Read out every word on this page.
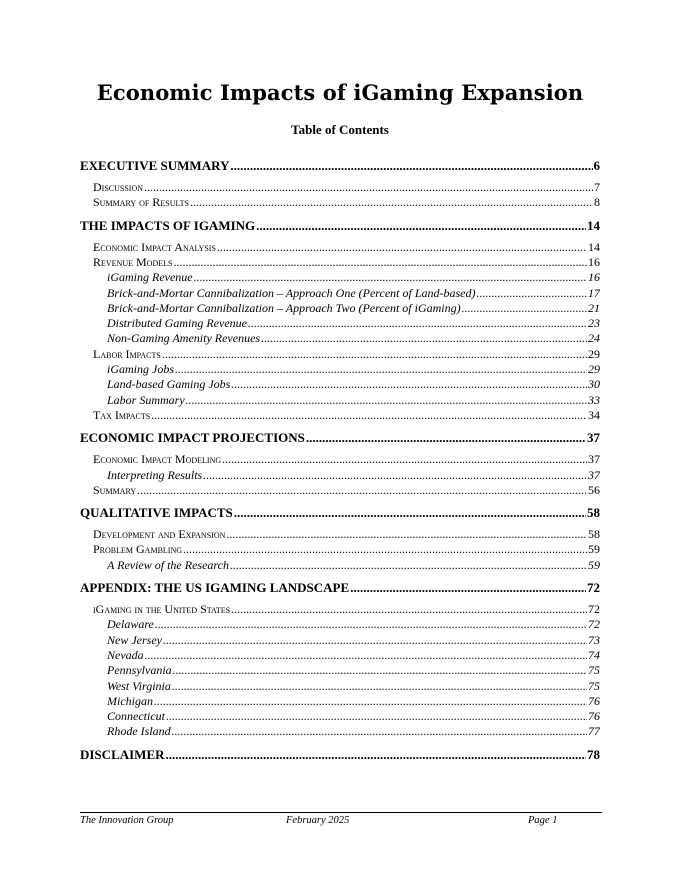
Economic Impacts of iGaming Expansion
Table of Contents
EXECUTIVE SUMMARY .....	6
Discussion .....	7
Summary of Results .....	8
THE IMPACTS OF IGAMING .....	14
Economic Impact Analysis .....	14
Revenue Models .....	16
iGaming Revenue .....	16
Brick-and-Mortar Cannibalization – Approach One (Percent of Land-based) .....	17
Brick-and-Mortar Cannibalization – Approach Two (Percent of iGaming) .....	21
Distributed Gaming Revenue .....	23
Non-Gaming Amenity Revenues .....	24
Labor Impacts .....	29
iGaming Jobs .....	29
Land-based Gaming Jobs .....	30
Labor Summary .....	33
Tax Impacts .....	34
ECONOMIC IMPACT PROJECTIONS .....	37
Economic Impact Modeling .....	37
Interpreting Results .....	37
Summary .....	56
QUALITATIVE IMPACTS .....	58
Development and Expansion .....	58
Problem Gambling .....	59
A Review of the Research .....	59
APPENDIX: THE US IGAMING LANDSCAPE .....	72
iGaming in the United States .....	72
Delaware .....	72
New Jersey .....	73
Nevada .....	74
Pennsylvania .....	75
West Virginia .....	75
Michigan .....	76
Connecticut .....	76
Rhode Island .....	77
DISCLAIMER .....	78
The Innovation Group	February 2025	Page 1
